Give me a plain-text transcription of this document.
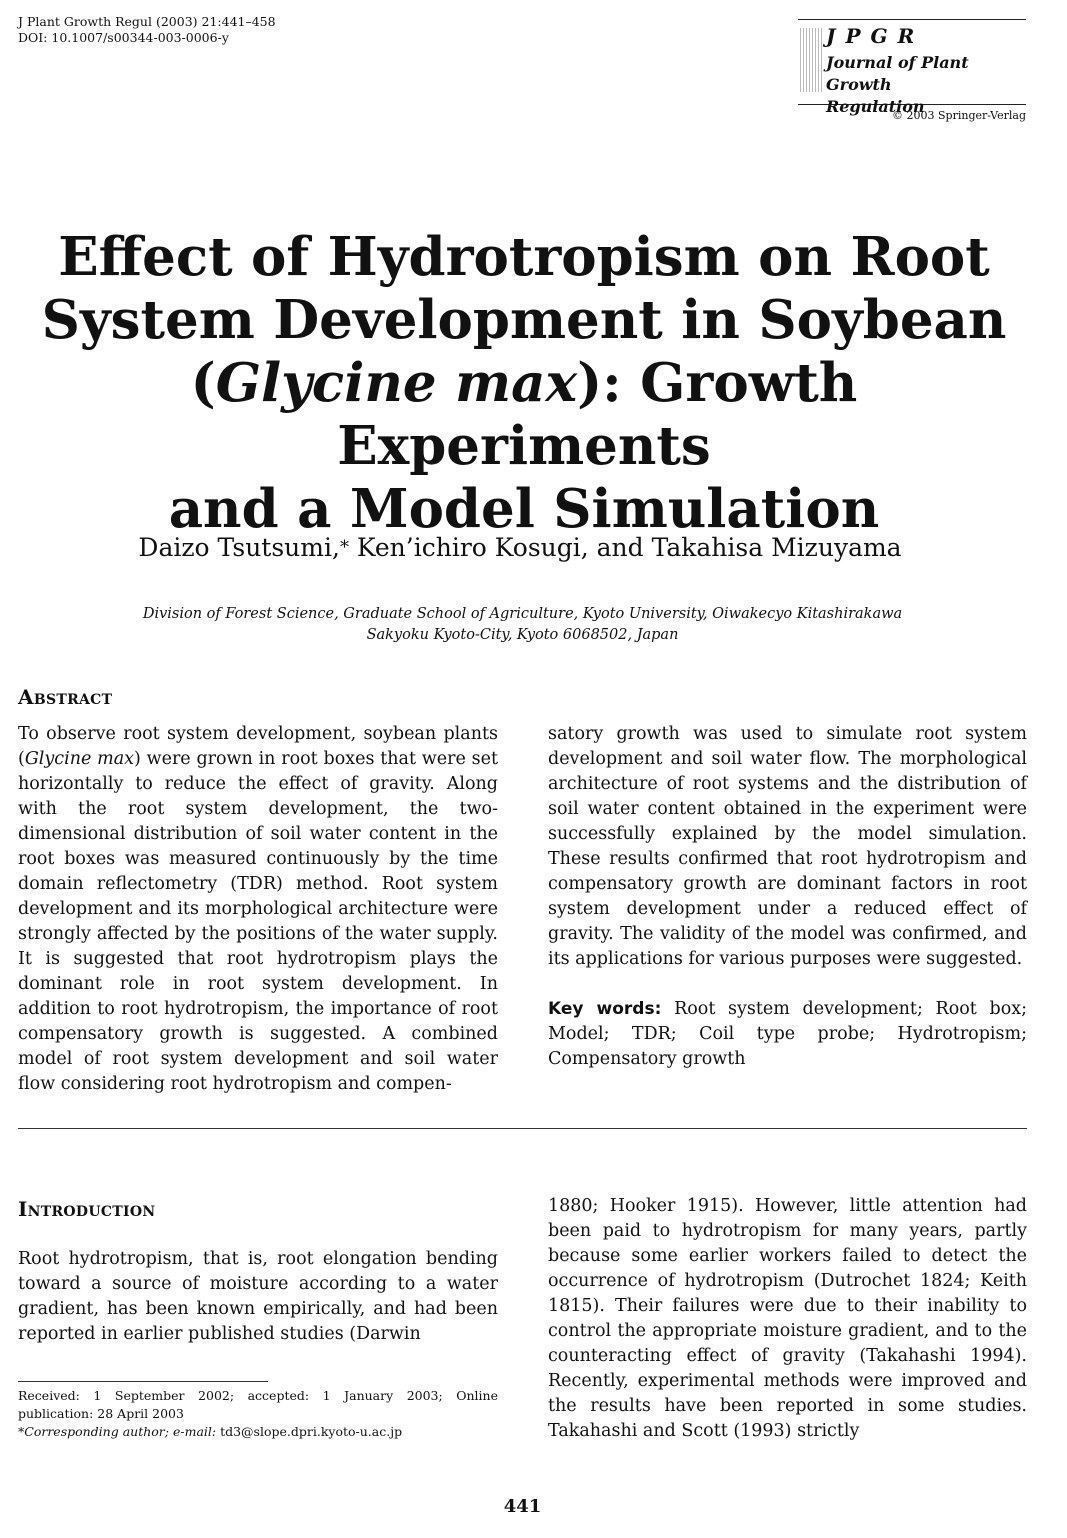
J Plant Growth Regul (2003) 21:441–458
DOI: 10.1007/s00344-003-0006-y	JPGR
Journal of Plant Growth
Regulation
© 2003 Springer-Verlag
Effect of Hydrotropism on Root
System Development in Soybean
(Glycine max): Growth Experiments
and a Model Simulation
Daizo Tsutsumi,* Ken’ichiro Kosugi, and Takahisa Mizuyama
Division of Forest Science, Graduate School of Agriculture, Kyoto University, Oiwakecyo Kitashirakawa
Sakyoku Kyoto-City, Kyoto 6068502, Japan
Abstract

To observe root system development, soybean plants (Glycine max) were grown in root boxes that were set horizontally to reduce the effect of gravity. Along with the root system development, the two-dimensional distribution of soil water content in the root boxes was measured continuously by the time domain reflectometry (TDR) method. Root system development and its morphological architecture were strongly affected by the positions of the water supply. It is suggested that root hydrotropism plays the dominant role in root system development. In addition to root hydrotropism, the importance of root compensatory growth is suggested. A combined model of root system development and soil water flow considering root hydrotropism and compen-

satory growth was used to simulate root system development and soil water flow. The morphological architecture of root systems and the distribution of soil water content obtained in the experiment were successfully explained by the model simulation. These results confirmed that root hydrotropism and compensatory growth are dominant factors in root system development under a reduced effect of gravity. The validity of the model was confirmed, and its applications for various purposes were suggested.

Key words: Root system development; Root box; Model; TDR; Coil type probe; Hydrotropism; Compensatory growth

Introduction

Root hydrotropism, that is, root elongation bending toward a source of moisture according to a water gradient, has been known empirically, and had been reported in earlier published studies (Darwin

1880; Hooker 1915). However, little attention had been paid to hydrotropism for many years, partly because some earlier workers failed to detect the occurrence of hydrotropism (Dutrochet 1824; Keith 1815). Their failures were due to their inability to control the appropriate moisture gradient, and to the counteracting effect of gravity (Takahashi 1994). Recently, experimental methods were improved and the results have been reported in some studies. Takahashi and Scott (1993) strictly

Received: 1 September 2002; accepted: 1 January 2003; Online publication: 28 April 2003
*Corresponding author; e-mail: td3@slope.dpri.kyoto-u.ac.jp
441
